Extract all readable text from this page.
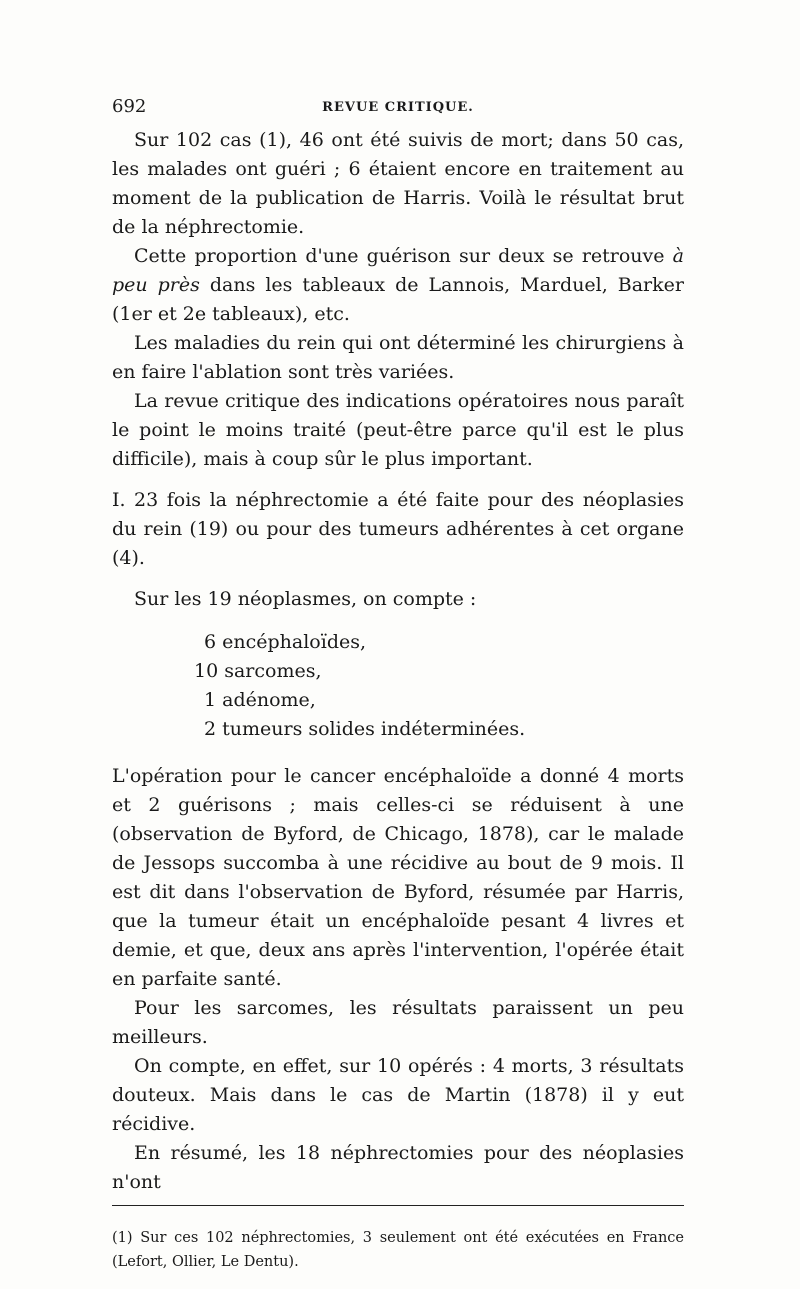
692	REVUE CRITIQUE.

Sur 102 cas (1), 46 ont été suivis de mort; dans 50 cas, les malades ont guéri ; 6 étaient encore en traitement au moment de la publication de Harris. Voilà le résultat brut de la néphrectomie.

Cette proportion d'une guérison sur deux se retrouve à peu près dans les tableaux de Lannois, Marduel, Barker (1er et 2e tableaux), etc.

Les maladies du rein qui ont déterminé les chirurgiens à en faire l'ablation sont très variées.

La revue critique des indications opératoires nous paraît le point le moins traité (peut-être parce qu'il est le plus difficile), mais à coup sûr le plus important.

I. 23 fois la néphrectomie a été faite pour des néoplasies du rein (19) ou pour des tumeurs adhérentes à cet organe (4).

Sur les 19 néoplasmes, on compte :

6 encéphaloïdes,
10 sarcomes,
1 adénome,
2 tumeurs solides indéterminées.

L'opération pour le cancer encéphaloïde a donné 4 morts et 2 guérisons ; mais celles-ci se réduisent à une (observation de Byford, de Chicago, 1878), car le malade de Jessops succomba à une récidive au bout de 9 mois. Il est dit dans l'observation de Byford, résumée par Harris, que la tumeur était un encéphaloïde pesant 4 livres et demie, et que, deux ans après l'intervention, l'opérée était en parfaite santé.

Pour les sarcomes, les résultats paraissent un peu meilleurs.

On compte, en effet, sur 10 opérés : 4 morts, 3 résultats douteux. Mais dans le cas de Martin (1878) il y eut récidive.

En résumé, les 18 néphrectomies pour des néoplasies n'ont

(1) Sur ces 102 néphrectomies, 3 seulement ont été exécutées en France (Lefort, Ollier, Le Dentu).
